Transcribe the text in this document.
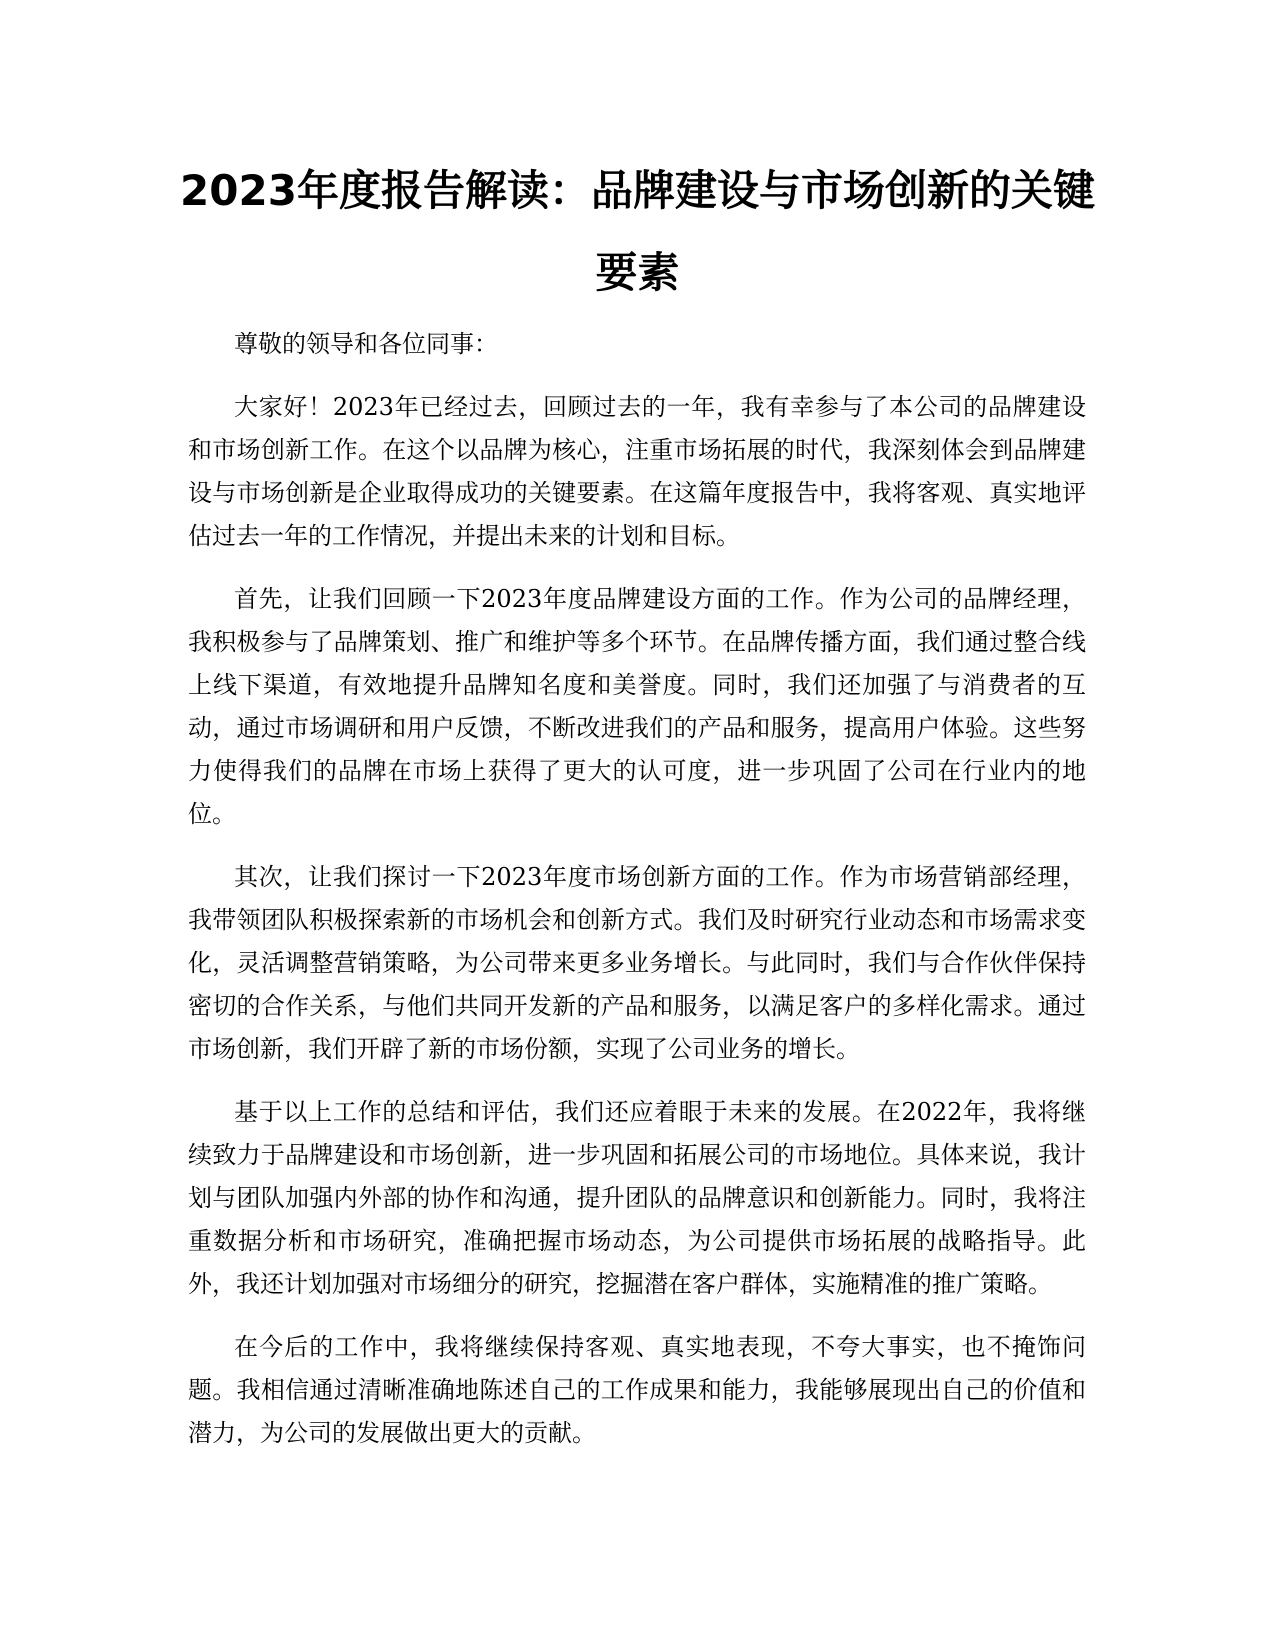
2023年度报告解读：品牌建设与市场创新的关键要素

尊敬的领导和各位同事：

大家好！2023年已经过去，回顾过去的一年，我有幸参与了本公司的品牌建设和市场创新工作。在这个以品牌为核心，注重市场拓展的时代，我深刻体会到品牌建设与市场创新是企业取得成功的关键要素。在这篇年度报告中，我将客观、真实地评估过去一年的工作情况，并提出未来的计划和目标。

首先，让我们回顾一下2023年度品牌建设方面的工作。作为公司的品牌经理，我积极参与了品牌策划、推广和维护等多个环节。在品牌传播方面，我们通过整合线上线下渠道，有效地提升品牌知名度和美誉度。同时，我们还加强了与消费者的互动，通过市场调研和用户反馈，不断改进我们的产品和服务，提高用户体验。这些努力使得我们的品牌在市场上获得了更大的认可度，进一步巩固了公司在行业内的地位。

其次，让我们探讨一下2023年度市场创新方面的工作。作为市场营销部经理，我带领团队积极探索新的市场机会和创新方式。我们及时研究行业动态和市场需求变化，灵活调整营销策略，为公司带来更多业务增长。与此同时，我们与合作伙伴保持密切的合作关系，与他们共同开发新的产品和服务，以满足客户的多样化需求。通过市场创新，我们开辟了新的市场份额，实现了公司业务的增长。

基于以上工作的总结和评估，我们还应着眼于未来的发展。在2022年，我将继续致力于品牌建设和市场创新，进一步巩固和拓展公司的市场地位。具体来说，我计划与团队加强内外部的协作和沟通，提升团队的品牌意识和创新能力。同时，我将注重数据分析和市场研究，准确把握市场动态，为公司提供市场拓展的战略指导。此外，我还计划加强对市场细分的研究，挖掘潜在客户群体，实施精准的推广策略。

在今后的工作中，我将继续保持客观、真实地表现，不夸大事实，也不掩饰问题。我相信通过清晰准确地陈述自己的工作成果和能力，我能够展现出自己的价值和潜力，为公司的发展做出更大的贡献。
